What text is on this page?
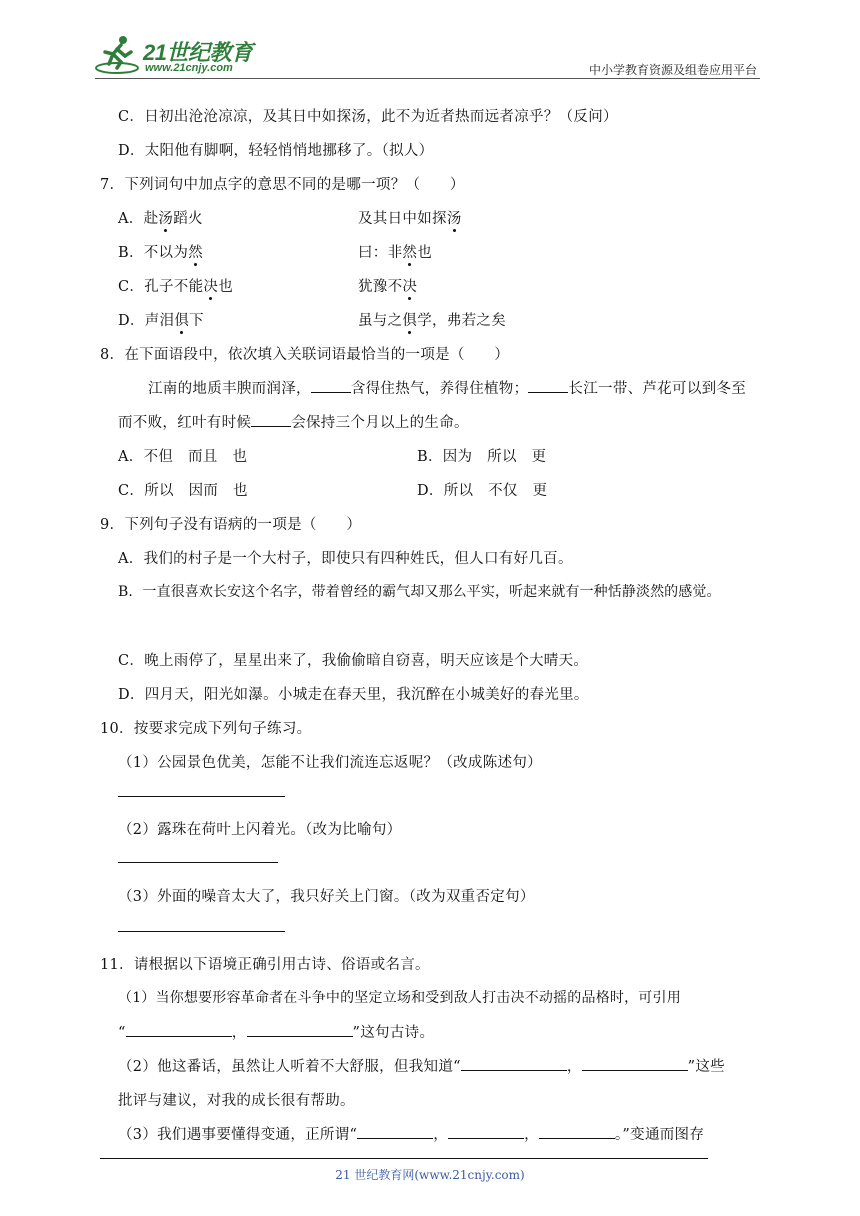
21世纪教育
www.21cnjy.com	中小学教育资源及组卷应用平台
C．日初出沧沧凉凉，及其日中如探汤，此不为近者热而远者凉乎？（反问）
D．太阳他有脚啊，轻轻悄悄地挪移了。（拟人）
7．下列词句中加点字的意思不同的是哪一项？（　　）
A．赴汤蹈火	及其日中如探汤
B．不以为然	曰：非然也
C．孔子不能决也	犹豫不决
D．声泪俱下	虽与之俱学，弗若之矣
8．在下面语段中，依次填入关联词语最恰当的一项是（　　）
江南的地质丰腴而润泽，	含得住热气，养得住植物；	长江一带、芦花可以到冬至
而不败，红叶有时候	会保持三个月以上的生命。
A．不但　而且　也	B．因为　所以　更
C．所以　因而　也	D．所以　不仅　更
9．下列句子没有语病的一项是（　　）
A．我们的村子是一个大村子，即使只有四种姓氏，但人口有好几百。
B．一直很喜欢长安这个名字，带着曾经的霸气却又那么平实，听起来就有一种恬静淡然的感觉。
C．晚上雨停了，星星出来了，我偷偷暗自窃喜，明天应该是个大晴天。
D．四月天，阳光如瀑。小城走在春天里，我沉醉在小城美好的春光里。
10．按要求完成下列句子练习。
（1）公园景色优美，怎能不让我们流连忘返呢？（改成陈述句）
（2）露珠在荷叶上闪着光。（改为比喻句）
（3）外面的噪音太大了，我只好关上门窗。（改为双重否定句）
11．请根据以下语境正确引用古诗、俗语或名言。
（1）当你想要形容革命者在斗争中的坚定立场和受到敌人打击决不动摇的品格时，可引用
“	，	”这句古诗。
（2）他这番话，虽然让人听着不大舒服，但我知道“	，	”这些
批评与建议，对我的成长很有帮助。
（3）我们遇事要懂得变通，正所谓“	，	，	。”变通而图存
21 世纪教育网(www.21cnjy.com)
